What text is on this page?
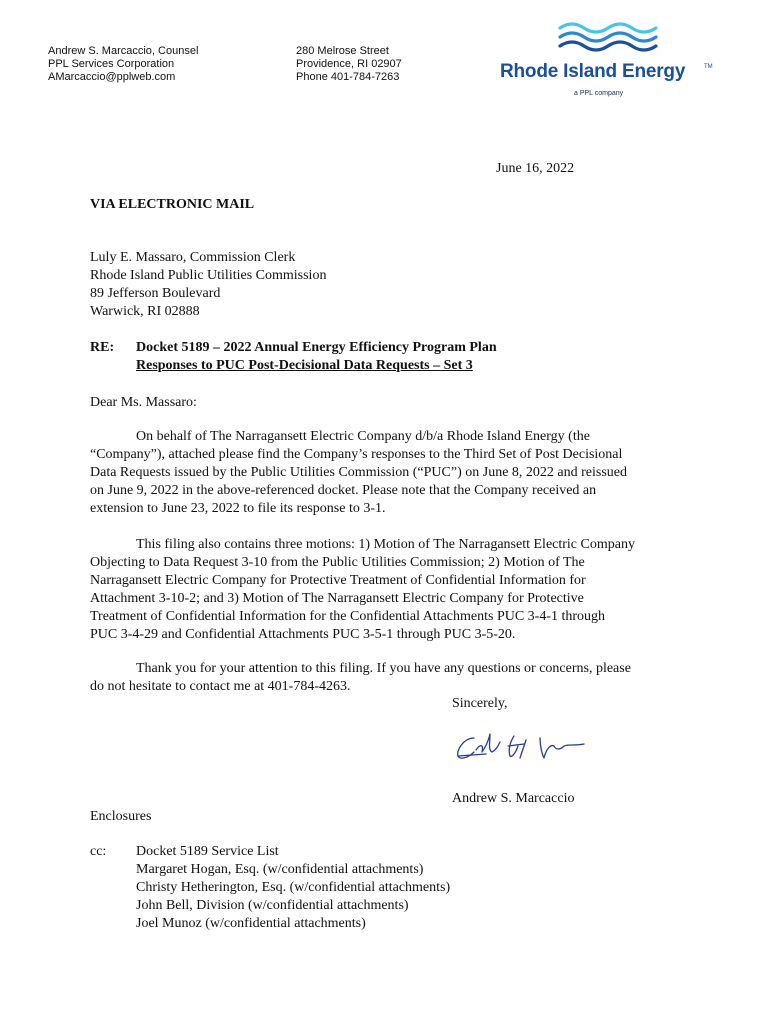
Andrew S. Marcaccio, Counsel
PPL Services Corporation
AMarcaccio@pplweb.com
280 Melrose Street
Providence, RI 02907
Phone 401-784-7263	Rhode Island Energy	TM
a PPL company
June 16, 2022
VIA ELECTRONIC MAIL
Luly E. Massaro, Commission Clerk
Rhode Island Public Utilities Commission
89 Jefferson Boulevard
Warwick, RI 02888
RE: Docket 5189 – 2022 Annual Energy Efficiency Program Plan
Responses to PUC Post-Decisional Data Requests – Set 3
Dear Ms. Massaro:
On behalf of The Narragansett Electric Company d/b/a Rhode Island Energy (the
“Company”), attached please find the Company’s responses to the Third Set of Post Decisional
Data Requests issued by the Public Utilities Commission (“PUC”) on June 8, 2022 and reissued
on June 9, 2022 in the above-referenced docket. Please note that the Company received an
extension to June 23, 2022 to file its response to 3-1.
This filing also contains three motions: 1) Motion of The Narragansett Electric Company
Objecting to Data Request 3-10 from the Public Utilities Commission; 2) Motion of The
Narragansett Electric Company for Protective Treatment of Confidential Information for
Attachment 3-10-2; and 3) Motion of The Narragansett Electric Company for Protective
Treatment of Confidential Information for the Confidential Attachments PUC 3-4-1 through
PUC 3-4-29 and Confidential Attachments PUC 3-5-1 through PUC 3-5-20.
Thank you for your attention to this filing. If you have any questions or concerns, please
do not hesitate to contact me at 401-784-4263.
Sincerely,
Andrew S. Marcaccio
Enclosures
cc: Docket 5189 Service List
Margaret Hogan, Esq. (w/confidential attachments)
Christy Hetherington, Esq. (w/confidential attachments)
John Bell, Division (w/confidential attachments)
Joel Munoz (w/confidential attachments)
